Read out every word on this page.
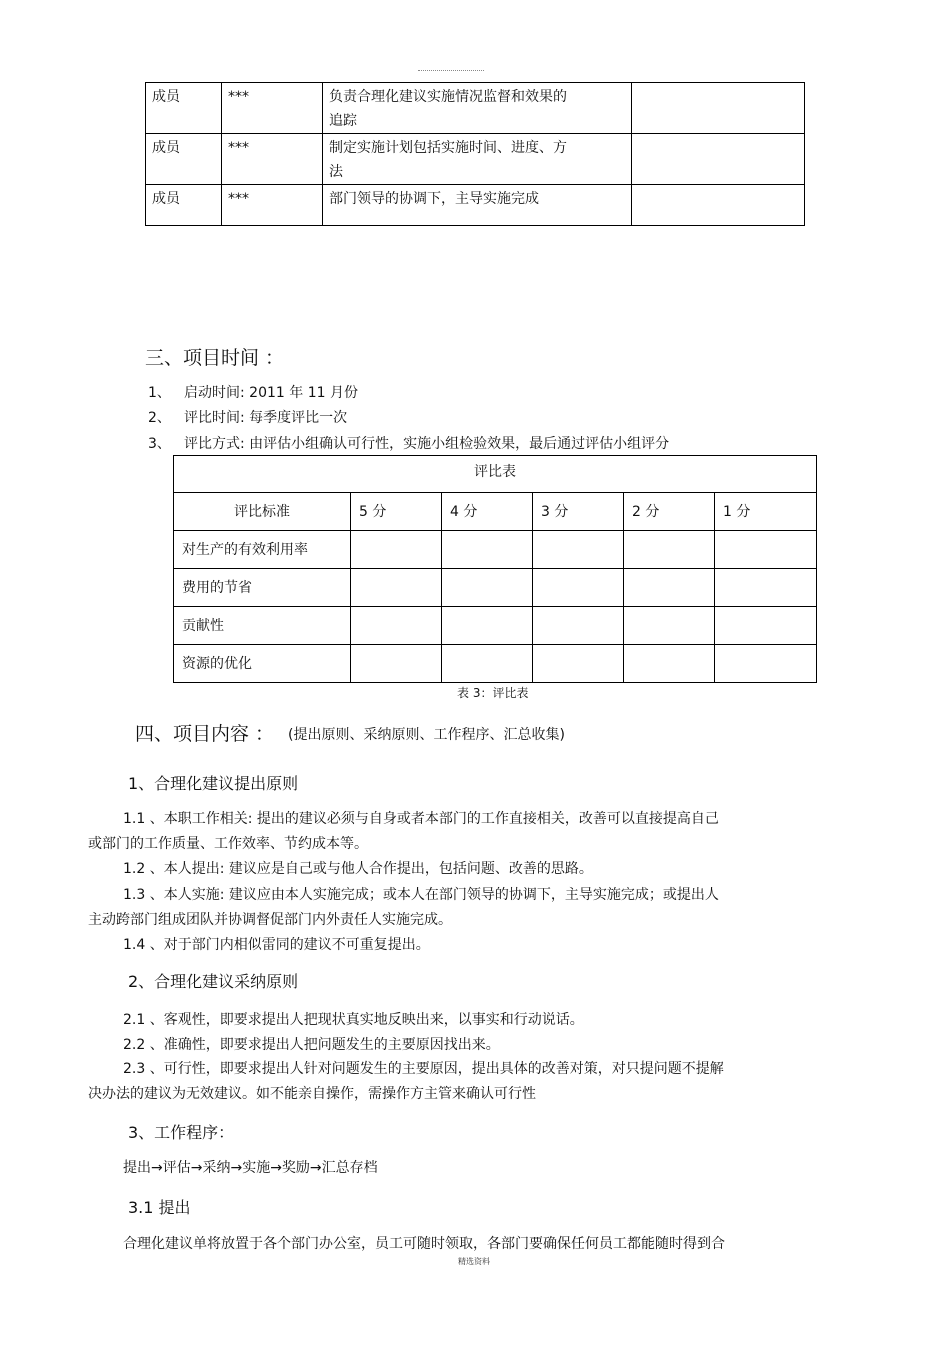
成员	***	负责合理化建议实施情况监督和效果的
追踪	

成员	***	制定实施计划包括实施时间、进度、方
法	

成员	***	部门领导的协调下，主导实施完成	

三、项目时间 ：
1、 启动时间: 2011 年 11 月份
2、 评比时间: 每季度评比一次
3、 评比方式: 由评估小组确认可行性，实施小组检验效果，最后通过评估小组评分
评比表					
评比标准	5 分	4 分	3 分	2 分	1 分
对生产的有效利用率					
费用的节省					
贡献性					
资源的优化					
表 3：评比表
四、项目内容 ： (提出原则、采纳原则、工作程序、汇总收集)
1、合理化建议提出原则
1.1 、本职工作相关: 提出的建议必须与自身或者本部门的工作直接相关，改善可以直接提高自己
或部门的工作质量、工作效率、节约成本等。
1.2 、本人提出: 建议应是自己或与他人合作提出，包括问题、改善的思路。
1.3 、本人实施: 建议应由本人实施完成；或本人在部门领导的协调下，主导实施完成；或提出人
主动跨部门组成团队并协调督促部门内外责任人实施完成。
1.4 、对于部门内相似雷同的建议不可重复提出。
2、合理化建议采纳原则
2.1 、客观性，即要求提出人把现状真实地反映出来，以事实和行动说话。
2.2 、准确性，即要求提出人把问题发生的主要原因找出来。
2.3 、可行性，即要求提出人针对问题发生的主要原因，提出具体的改善对策，对只提问题不提解
决办法的建议为无效建议。如不能亲自操作，需操作方主管来确认可行性
3、工作程序：
提出→评估→采纳→实施→奖励→汇总存档
3.1 提出
合理化建议单将放置于各个部门办公室，员工可随时领取，各部门要确保任何员工都能随时得到合
精选资料
